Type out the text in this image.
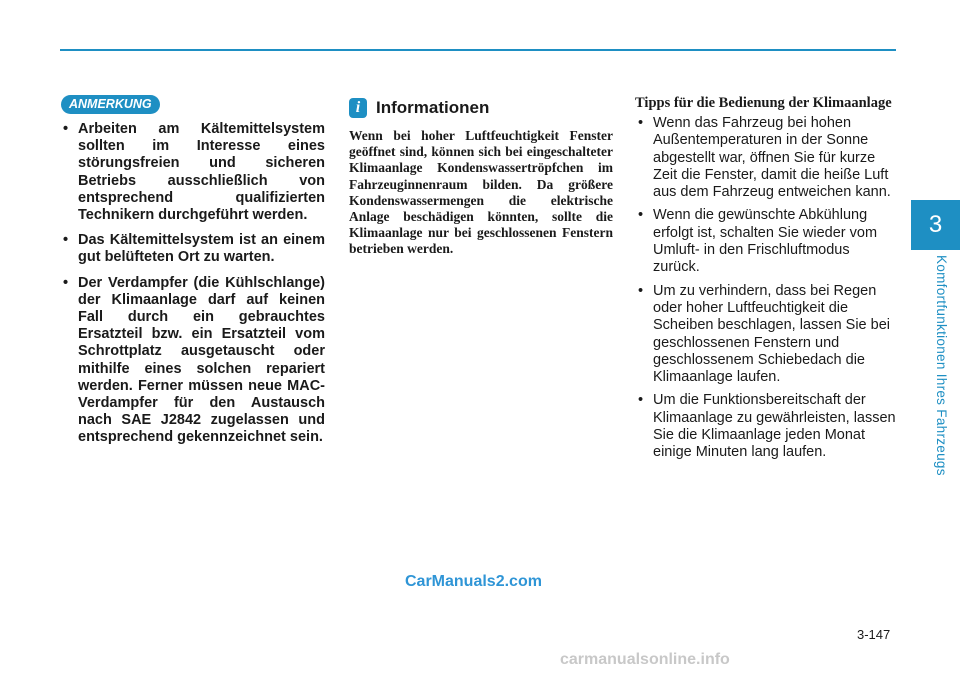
3
Komfortfunktionen Ihres Fahrzeugs
ANMERKUNG
• Arbeiten am Kältemittelsystem sollten im Interesse eines störungsfreien und sicheren Betriebs ausschließlich von entsprechend qualifizierten Technikern durchgeführt werden.
• Das Kältemittelsystem ist an einem gut belüfteten Ort zu warten.
• Der Verdampfer (die Kühlschlange) der Klimaanlage darf auf keinen Fall durch ein gebrauchtes Ersatzteil bzw. ein Ersatzteil vom Schrottplatz ausgetauscht oder mithilfe eines solchen repariert werden. Ferner müssen neue MAC-Verdampfer für den Austausch nach SAE J2842 zugelassen und entsprechend gekennzeichnet sein.
i Informationen

Wenn bei hoher Luftfeuchtigkeit Fenster geöffnet sind, können sich bei eingeschalteter Klimaanlage Kondenswassertröpfchen im Fahrzeuginnenraum bilden. Da größere Kondenswassermengen die elektrische Anlage beschädigen könnten, sollte die Klimaanlage nur bei geschlossenen Fenstern betrieben werden.

Tipps für die Bedienung der Klimaanlage
• Wenn das Fahrzeug bei hohen Außentemperaturen in der Sonne abgestellt war, öffnen Sie für kurze Zeit die Fenster, damit die heiße Luft aus dem Fahrzeug entweichen kann.
• Wenn die gewünschte Abkühlung erfolgt ist, schalten Sie wieder vom Umluft- in den Frischluftmodus zurück.
• Um zu verhindern, dass bei Regen oder hoher Luftfeuchtigkeit die Scheiben beschlagen, lassen Sie bei geschlossenen Fenstern und geschlossenem Schiebedach die Klimaanlage laufen.
• Um die Funktionsbereitschaft der Klimaanlage zu gewährleisten, lassen Sie die Klimaanlage jeden Monat einige Minuten lang laufen.
CarManuals2.com
3-147
carmanualsonline.info
